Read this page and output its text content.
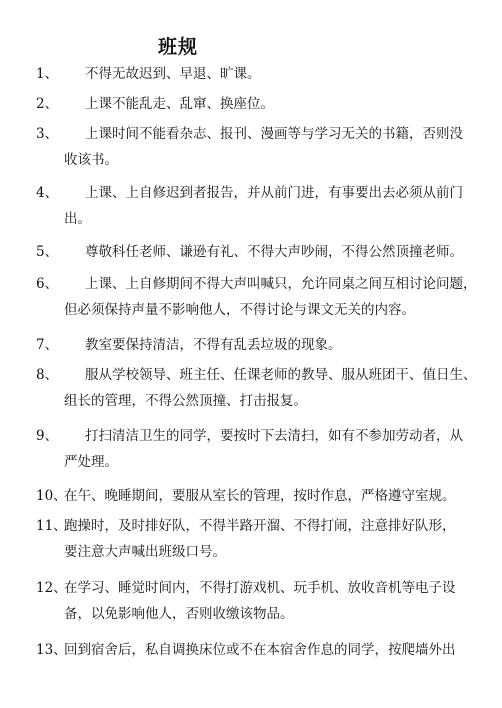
班规
1、	不得无故迟到、早退、旷课。
2、	上课不能乱走、乱窜、换座位。
3、	上课时间不能看杂志、报刊、漫画等与学习无关的书籍，否则没
收该书。
4、	上课、上自修迟到者报告，并从前门进，有事要出去必须从前门
出。
5、	尊敬科任老师、谦逊有礼、不得大声吵闹，不得公然顶撞老师。
6、	上课、上自修期间不得大声叫喊只，允许同桌之间互相讨论问题，
但必须保持声量不影响他人，不得讨论与课文无关的内容。
7、	教室要保持清洁，不得有乱丢垃圾的现象。
8、	服从学校领导、班主任、任课老师的教导、服从班团干、值日生、
组长的管理，不得公然顶撞、打击报复。
9、	打扫清洁卫生的同学，要按时下去清扫，如有不参加劳动者，从
严处理。
10、
在午、晚睡期间，要服从室长的管理，按时作息，严格遵守室规。
11、
跑操时，及时排好队，不得半路开溜、不得打闹，注意排好队形，
要注意大声喊出班级口号。
12、
在学习、睡觉时间内，不得打游戏机、玩手机、放收音机等电子设
备，以免影响他人，否则收缴该物品。
13、
回到宿舍后，私自调换床位或不在本宿舍作息的同学，按爬墙外出
